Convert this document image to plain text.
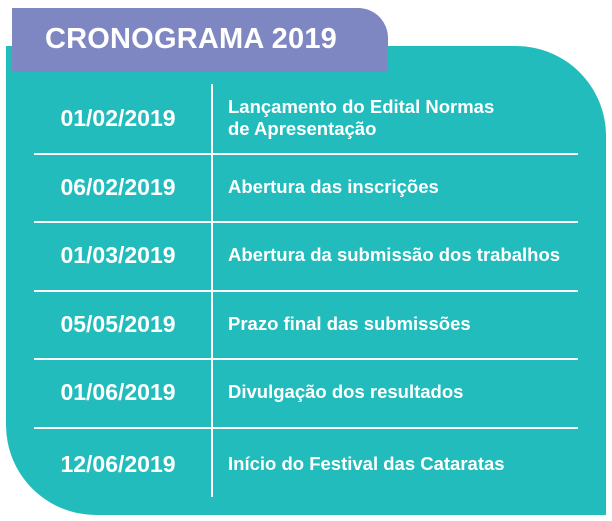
CRONOGRAMA 2019
01/02/2019	Lançamento do Edital Normas
de Apresentação
06/02/2019	Abertura das inscrições
01/03/2019	Abertura da submissão dos trabalhos
05/05/2019	Prazo final das submissões
01/06/2019	Divulgação dos resultados
12/06/2019	Início do Festival das Cataratas
